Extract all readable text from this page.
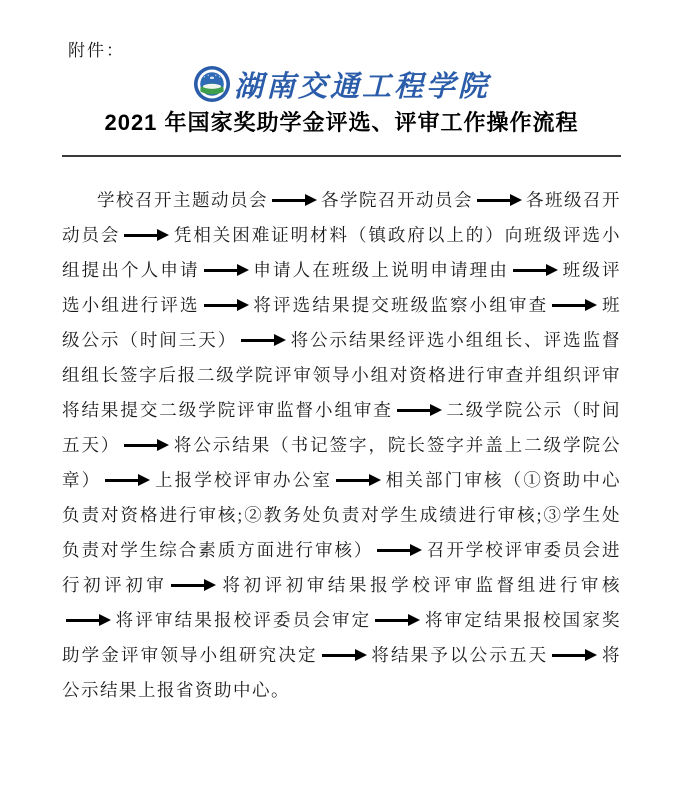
附件：
湖南交通工程学院
2021 年国家奖助学金评选、评审工作操作流程
学校召开主题动员会	各学院召开动员会	各班级召开动员会	凭相关困难证明材料（镇政府以上的）向班级评选小组提出个人申请	申请人在班级上说明申请理由	班级评选小组进行评选	将评选结果提交班级监察小组审查	班级公示（时间三天）	将公示结果经评选小组组长、评选监督组组长签字后报二级学院评审领导小组对资格进行审查并组织评审将结果提交二级学院评审监督小组审查	二级学院公示（时间五天）	将公示结果（书记签字，院长签字并盖上二级学院公章）	上报学校评审办公室	相关部门审核（①资助中心负责对资格进行审核;②教务处负责对学生成绩进行审核;③学生处负责对学生综合素质方面进行审核）	召开学校评审委员会进行初评初审	将初评初审结果报学校评审监督组进行审核将评审结果报校评委员会审定	将审定结果报校国家奖助学金评审领导小组研究决定	将结果予以公示五天	将公示结果上报省资助中心。
